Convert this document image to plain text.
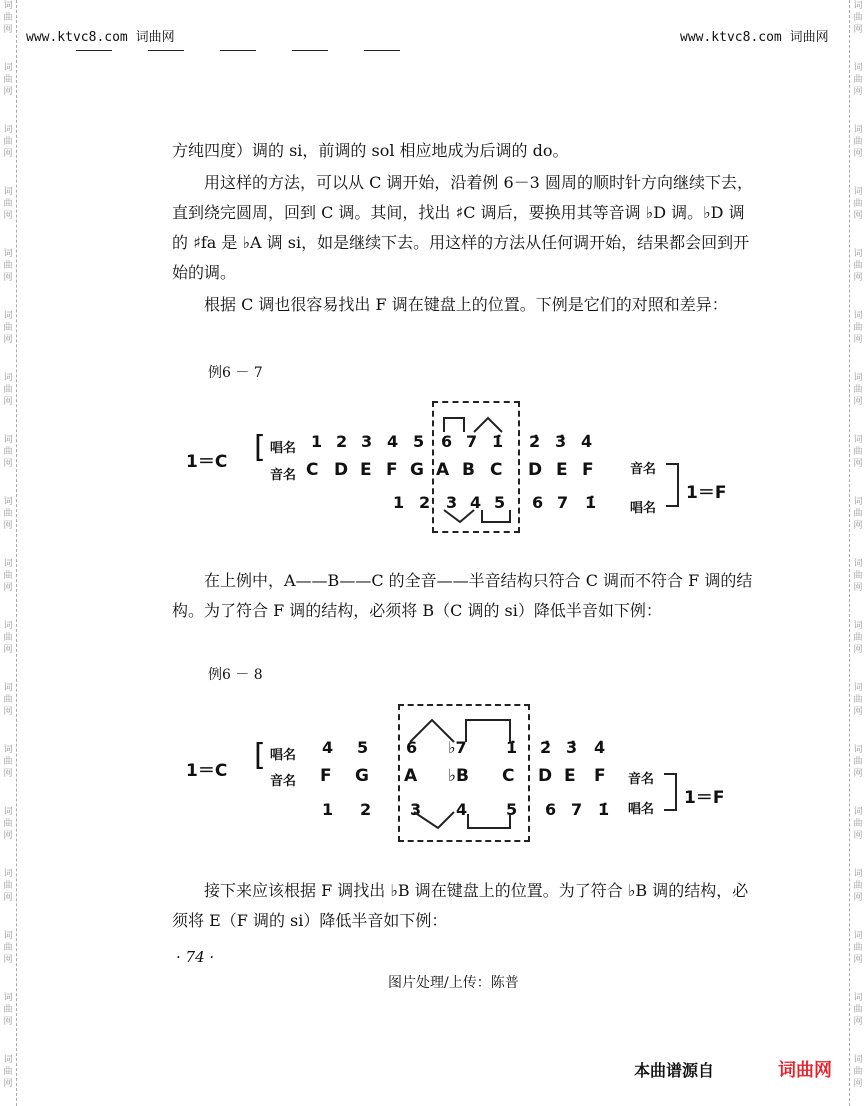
词
曲
网
词
曲
网
词
曲
网
词
曲
网
词
曲
网
词
曲
网
词
曲
网
词
曲
网
词
曲
网
词
曲
网
词
曲
网
词
曲
网
词
曲
网
词
曲
网
词
曲
网
词
曲
网
词
曲
网
词
曲
网
词
曲
网
词
曲
网
词
曲
网
词
曲
网
词
曲
网
词
曲
网
词
曲
网
词
曲
网
词
曲
网
词
曲
网
词
曲
网
词
曲
网
词
曲
网
词
曲
网
词
曲
网
词
曲
网
词
曲
网
词
曲
网
www.ktvc8.com 词曲网	www.ktvc8.com 词曲网

方纯四度）调的 si，前调的 sol 相应地成为后调的 do。

用这样的方法，可以从 C 调开始，沿着例 6－3 圆周的顺时针方向继续下去，直到绕完圆周，回到 C 调。其间，找出 ♯C 调后，要换用其等音调 ♭D 调。♭D 调的 ♯fa 是 ♭A 调 si，如是继续下去。用这样的方法从任何调开始，结果都会回到开始的调。

根据 C 调也很容易找出 F 调在键盘上的位置。下例是它们的对照和差异：

例6 － 7
1＝C [ 唱名
音名
1 2 3 4 5 6 7 1̇ 2̇ 3̇ 4̇
C D E F G A B C D E F
1 2 3 4 5 6 7 1̇
音名
唱名
1＝F

在上例中，A——B——C 的全音——半音结构只符合 C 调而不符合 F 调的结构。为了符合 F 调的结构，必须将 B（C 调的 si）降低半音如下例：

例6 － 8
1＝C [ 唱名
音名
4 5 6 ♭7 1̇ 2̇ 3̇ 4̇
F G A ♭B C D E F
1 2 3 4 5 6 7 1̇
音名
唱名
1＝F

接下来应该根据 F 调找出 ♭B 调在键盘上的位置。为了符合 ♭B 调的结构，必须将 E（F 调的 si）降低半音如下例：

· 74 ·
图片处理/上传：陈普
本曲谱源自	词曲网
